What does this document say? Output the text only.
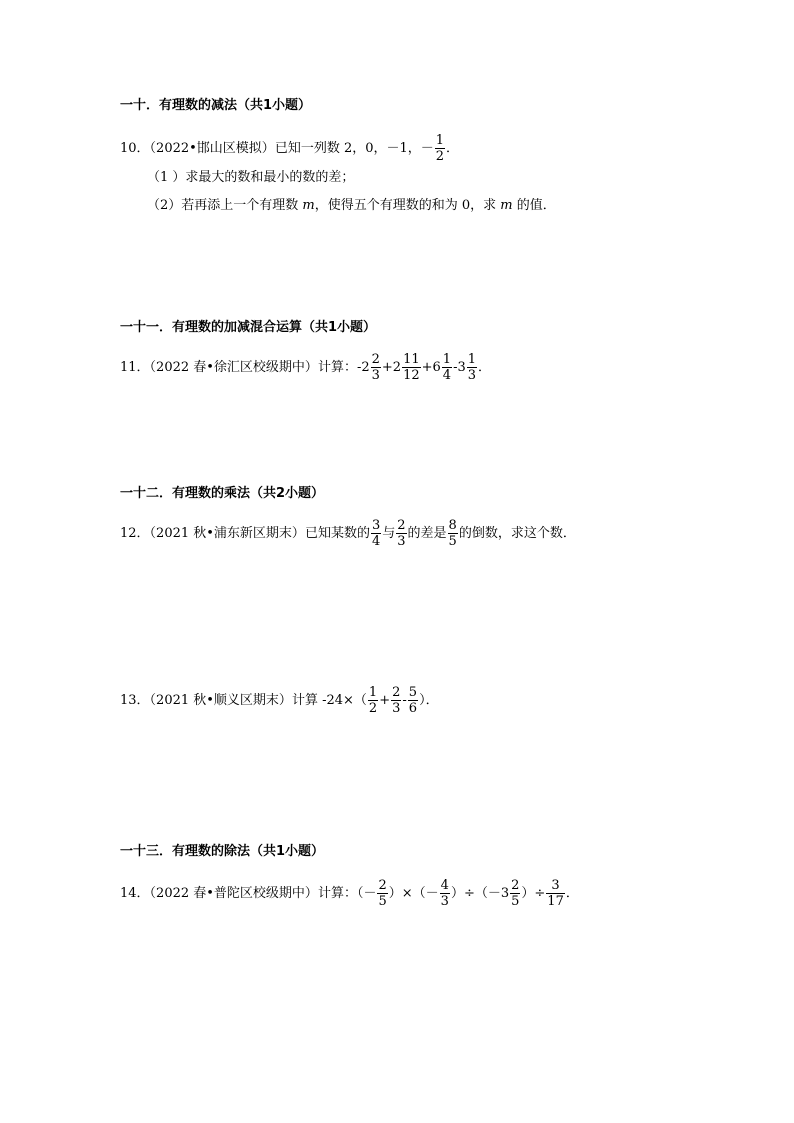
一十．有理数的减法（共1小题）
10．（2022•邯山区模拟）已知一列数 2，0，－1，－ $\frac{1}{2}$ ．
（1 ）求最大的数和最小的数的差；
（2）若再添上一个有理数 m，使得五个有理数的和为 0，求 m 的值．
一十一．有理数的加减混合运算（共1小题）
11．（2022 春•徐汇区校级期中）计算：$-2 \frac{2}{3} +2 \frac{11}{12} +6 \frac{1}{4} -3 \frac{1}{3}$ ．
一十二．有理数的乘法（共2小题）
12．（2021 秋•浦东新区期末）已知某数的 $\frac{3}{4}$ 与 $\frac{2}{3}$ 的差是 $\frac{8}{5}$ 的倒数，求这个数．
13．（2021 秋•顺义区期末）计算 $-24\times( \frac{1}{2} + \frac{2}{3} - \frac{5}{6}$ ）．
一十三．有理数的除法（共1小题）
14．（2022 春•普陀区校级期中）计算：（－ $\frac{2}{5}$ ）×（－ $\frac{4}{3} )\div(-3 \frac{2}{5}$ ）÷ $\frac{3}{17}$ ．
